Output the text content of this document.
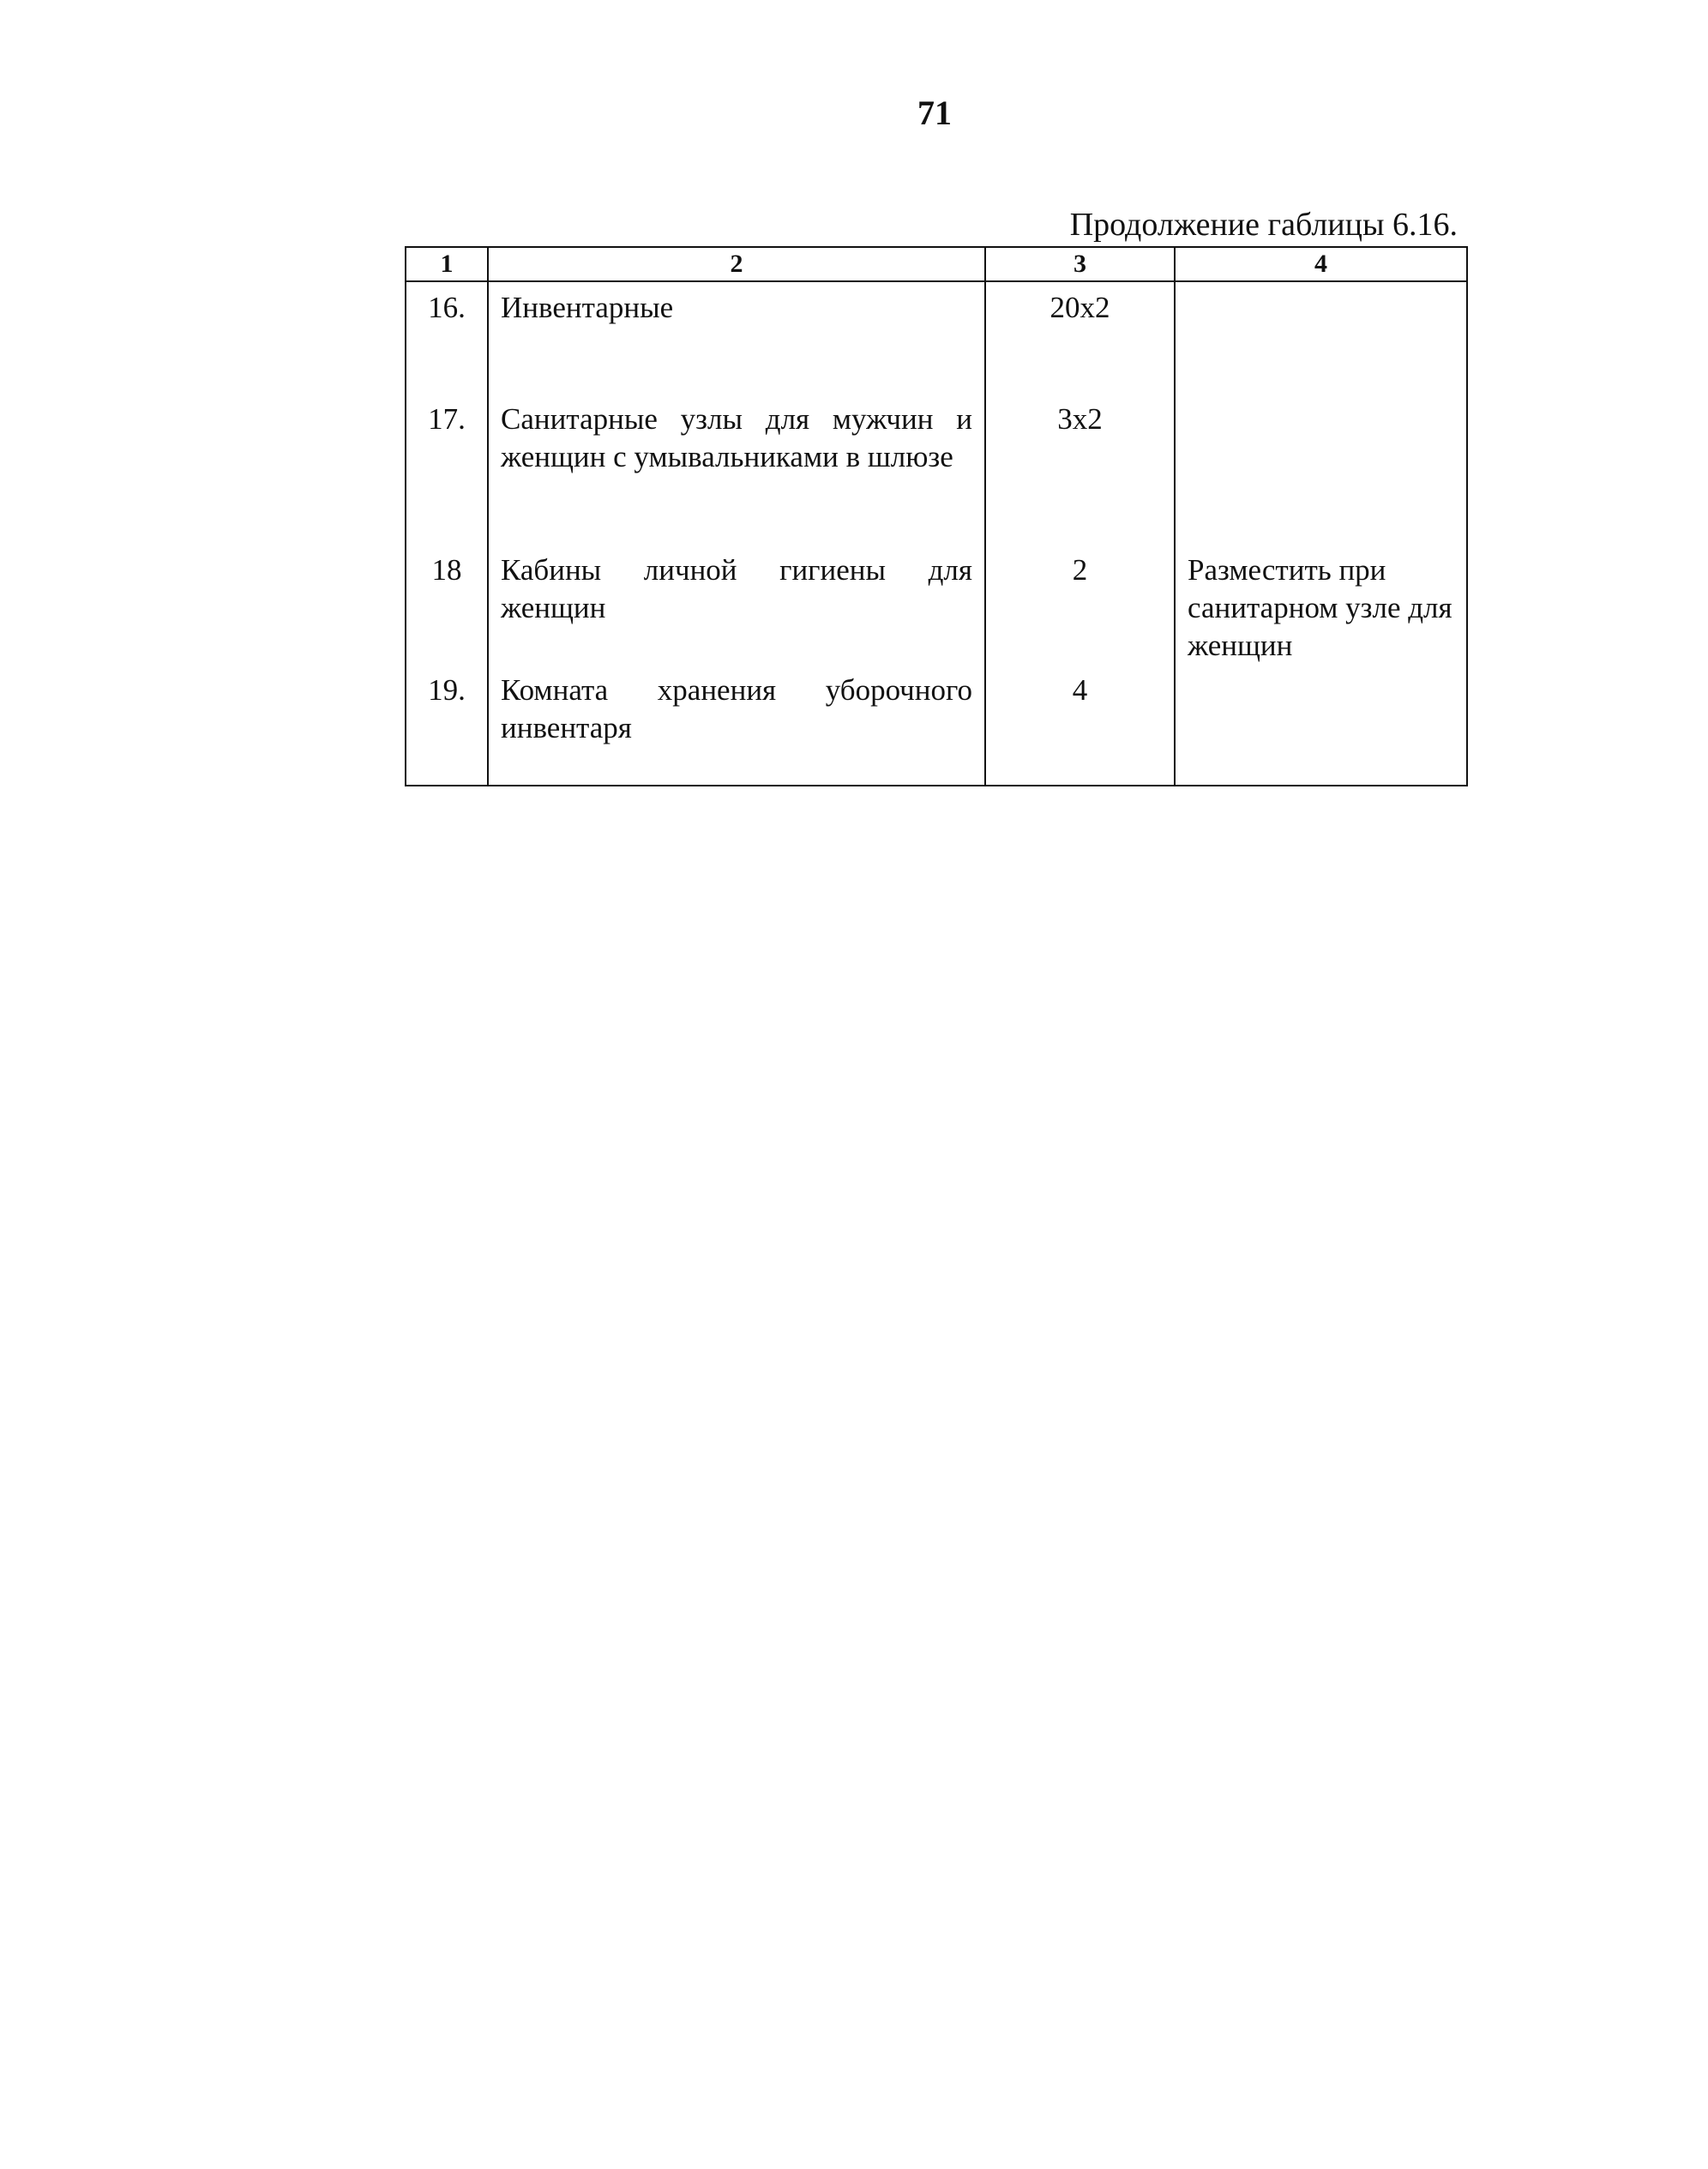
71
Продолжение габлицы 6.16.
1	2	3	4

16.	Инвентарные	20х2	

17.	Санитарные узлы для мужчин и женщин с умывальниками в шлюзе	3х2	

18	Кабины личной гигиены для женщин	2	Разместить при санитарном узле для женщин

19.	Комната хранения уборочного инвентаря	4	
